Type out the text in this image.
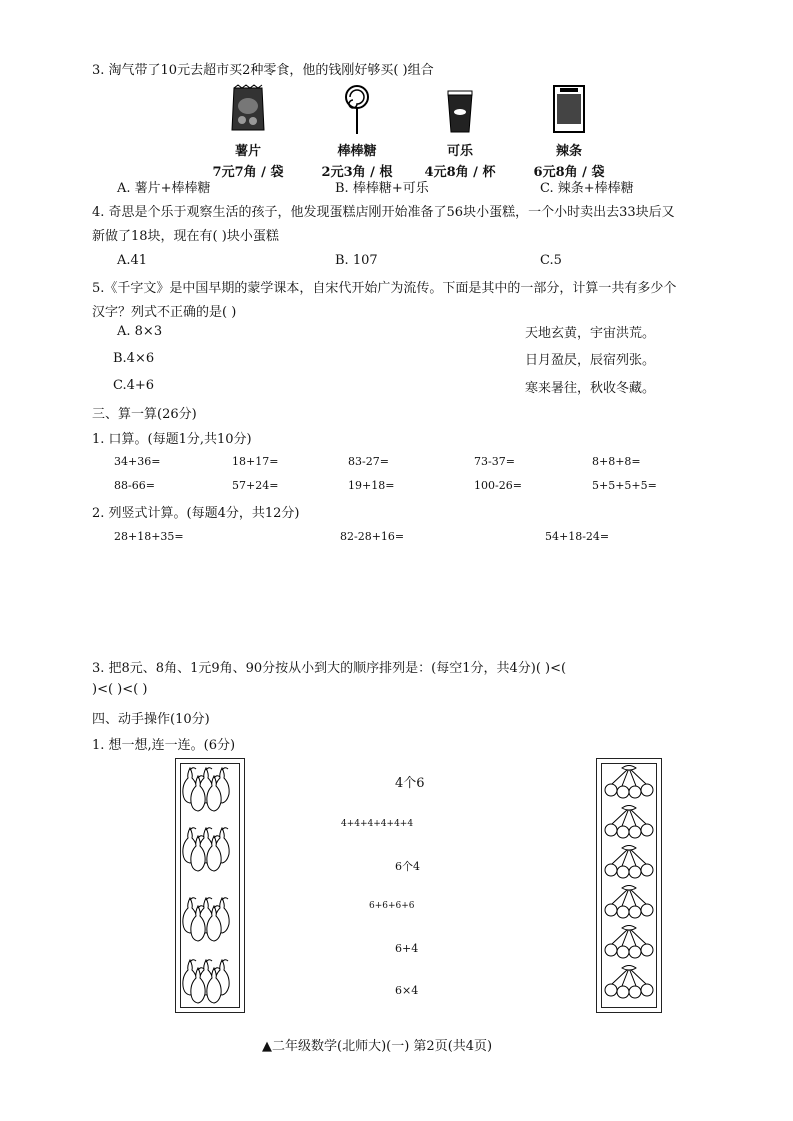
3. 淘气带了10元去超市买2种零食，他的钱刚好够买( )组合
薯片
7元7角 / 袋
棒棒糖
2元3角 / 根
可乐
4元8角 / 杯
辣条
6元8角 / 袋
A. 薯片+棒棒糖	B. 棒棒糖+可乐	C. 辣条+棒棒糖
4. 奇思是个乐于观察生活的孩子，他发现蛋糕店刚开始准备了56块小蛋糕，一个小时卖出去33块后又
新做了18块，现在有( )块小蛋糕
A.41	B. 107	C.5
5.《千字文》是中国早期的蒙学课本，自宋代开始广为流传。下面是其中的一部分，计算一共有多少个
汉字？列式不正确的是( )
A. 8×3
B.4×6
C.4+6
天地玄黄，宇宙洪荒。
日月盈昃，辰宿列张。
寒来暑往，秋收冬藏。
三、算一算(26分)
1. 口算。(每题1分,共10分)
34+36=	18+17=	83-27=	73-37=	8+8+8=
88-66=	57+24=	19+18=	100-26=	5+5+5+5=
2. 列竖式计算。(每题4分，共12分)
28+18+35=	82-28+16=	54+18-24=
3. 把8元、8角、1元9角、90分按从小到大的顺序排列是：(每空1分，共4分)( )<(
)<( )<( )
四、动手操作(10分)
1. 想一想,连一连。(6分)
4个6
4+4+4+4+4+4
6个4
6+6+6+6
6+4
6×4
▲二年级数学(北师大)(一) 第2页(共4页)
